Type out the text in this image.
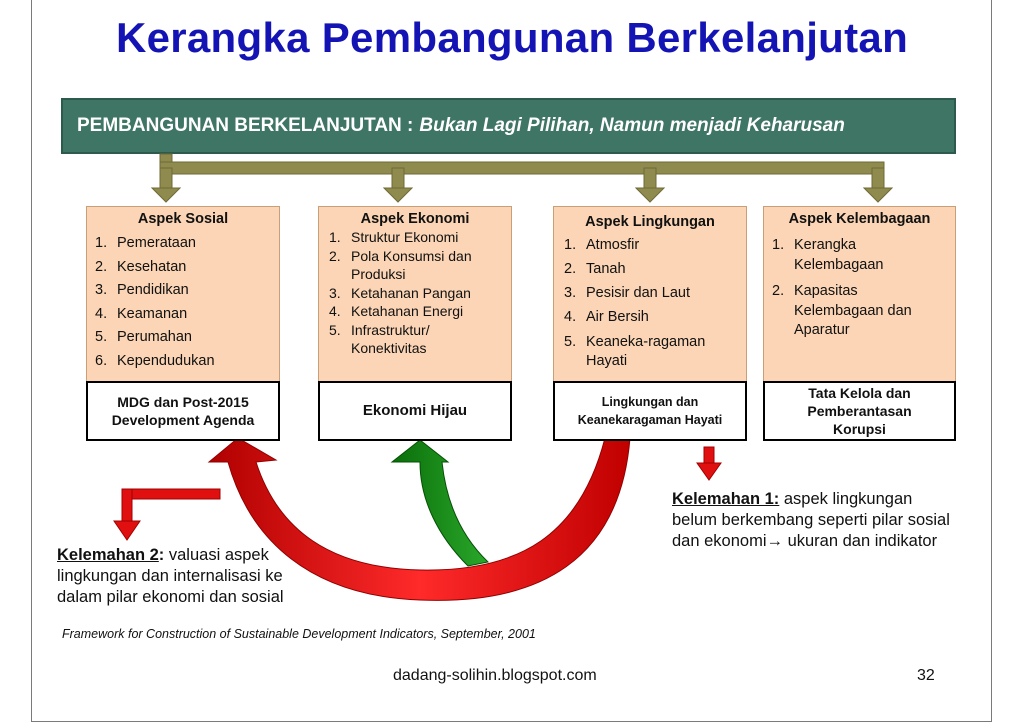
Kerangka Pembangunan Berkelanjutan
PEMBANGUNAN BERKELANJUTAN : Bukan Lagi Pilihan, Namun menjadi Keharusan
Aspek Sosial
1. Pemerataan
2. Kesehatan
3. Pendidikan
4. Keamanan
5. Perumahan
6. Kependudukan
Aspek Ekonomi
1. Struktur Ekonomi
2. Pola Konsumsi dan Produksi
3. Ketahanan Pangan
4. Ketahanan Energi
5. Infrastruktur/ Konektivitas
Aspek Lingkungan
1. Atmosfir
2. Tanah
3. Pesisir dan Laut
4. Air Bersih
5. Keaneka-ragaman Hayati
Aspek Kelembagaan
1. Kerangka Kelembagaan
2. Kapasitas Kelembagaan dan Aparatur
MDG dan Post-2015 Development Agenda
Ekonomi Hijau	Lingkungan dan Keanekaragaman Hayati
Tata Kelola dan Pemberantasan Korupsi
Kelemahan 1: aspek lingkungan belum berkembang seperti pilar sosial dan ekonomi→ ukuran dan indikator
Kelemahan 2: valuasi aspek lingkungan dan internalisasi ke dalam pilar ekonomi dan sosial
Framework for Construction of Sustainable Development Indicators, September, 2001
dadang-solihin.blogspot.com	32
